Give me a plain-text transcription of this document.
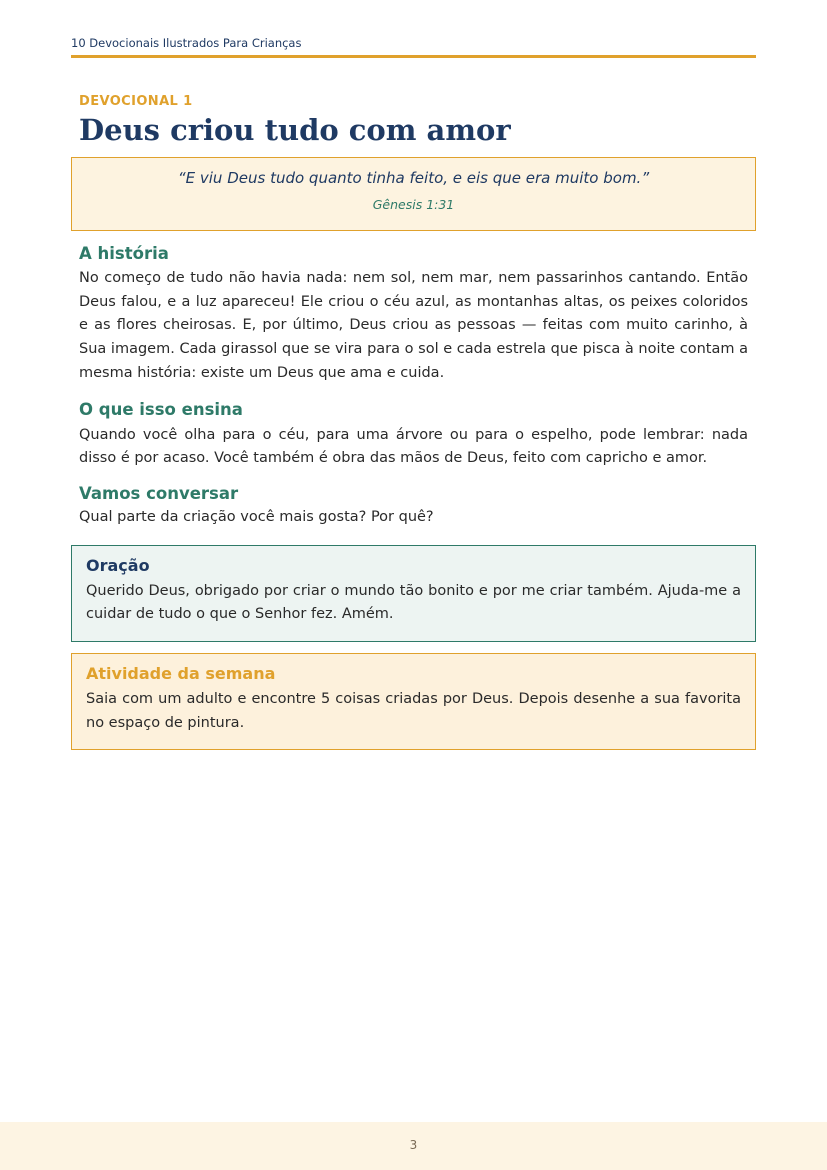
10 Devocionais Ilustrados Para Crianças
DEVOCIONAL 1
Deus criou tudo com amor
“E viu Deus tudo quanto tinha feito, e eis que era muito bom.”
Gênesis 1:31
A história

No começo de tudo não havia nada: nem sol, nem mar, nem passarinhos cantando. Então Deus falou, e a luz apareceu! Ele criou o céu azul, as montanhas altas, os peixes coloridos e as flores cheirosas. E, por último, Deus criou as pessoas — feitas com muito carinho, à Sua imagem. Cada girassol que se vira para o sol e cada estrela que pisca à noite contam a mesma história: existe um Deus que ama e cuida.

O que isso ensina

Quando você olha para o céu, para uma árvore ou para o espelho, pode lembrar: nada disso é por acaso. Você também é obra das mãos de Deus, feito com capricho e amor.

Vamos conversar

Qual parte da criação você mais gosta? Por quê?

Oração

Querido Deus, obrigado por criar o mundo tão bonito e por me criar também. Ajuda-me a cuidar de tudo o que o Senhor fez. Amém.

Atividade da semana

Saia com um adulto e encontre 5 coisas criadas por Deus. Depois desenhe a sua favorita no espaço de pintura.

3
